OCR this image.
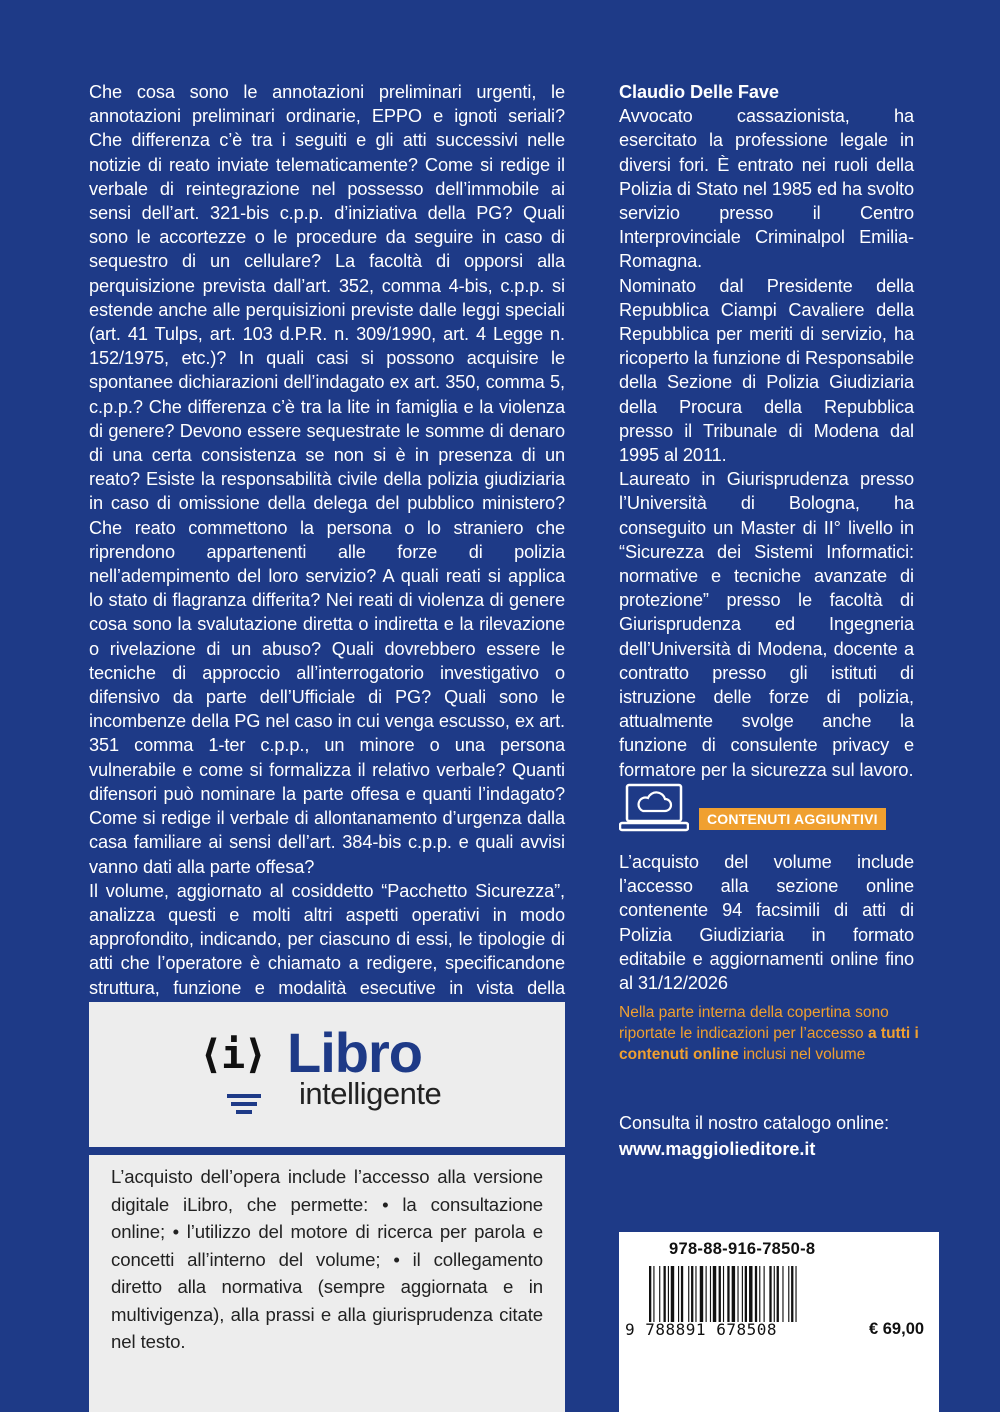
Che cosa sono le annotazioni preliminari urgenti, le annotazioni preliminari ordinarie, EPPO e ignoti seriali? Che differenza c’è tra i seguiti e gli atti successivi nelle notizie di reato inviate telematicamente? Come si redige il verbale di reintegrazione nel possesso dell’immobile ai sensi dell’art. 321-bis c.p.p. d’iniziativa della PG? Quali sono le accortezze o le procedure da seguire in caso di sequestro di un cellulare? La facoltà di opporsi alla perquisizione prevista dall’art. 352, comma 4-bis, c.p.p. si estende anche alle perquisizioni previste dalle leggi speciali (art. 41 Tulps, art. 103 d.P.R. n. 309/1990, art. 4 Legge n. 152/1975, etc.)? In quali casi si possono acquisire le spontanee dichiarazioni dell’indagato ex art. 350, comma 5, c.p.p.? Che differenza c’è tra la lite in famiglia e la violenza di genere? Devono essere sequestrate le somme di denaro di una certa consistenza se non si è in presenza di un reato? Esiste la responsabilità civile della polizia giudiziaria in caso di omissione della delega del pubblico ministero? Che reato commettono la persona o lo straniero che riprendono appartenenti alle forze di polizia nell’adempimento del loro servizio? A quali reati si applica lo stato di flagranza differita? Nei reati di violenza di genere cosa sono la svalutazione diretta o indiretta e la rilevazione o rivelazione di un abuso? Quali dovrebbero essere le tecniche di approccio all’interrogatorio investigativo o difensivo da parte dell’Ufficiale di PG? Quali sono le incombenze della PG nel caso in cui venga escusso, ex art. 351 comma 1-ter c.p.p., un minore o una persona vulnerabile e come si formalizza il relativo verbale? Quanti difensori può nominare la parte offesa e quanti l’indagato? Come si redige il verbale di allontanamento d’urgenza dalla casa familiare ai sensi dell’art. 384-bis c.p.p. e quali avvisi vanno dati alla parte offesa?

Il volume, aggiornato al cosiddetto “Pacchetto Sicurezza”, analizza questi e molti altri aspetti operativi in modo approfondito, indicando, per ciascuno di essi, le tipologie di atti che l’operatore è chiamato a redigere, specificandone struttura, funzione e modalità esecutive in vista della

Claudio Delle Fave

Avvocato cassazionista, ha esercitato la professione legale in diversi fori. È entrato nei ruoli della Polizia di Stato nel 1985 ed ha svolto servizio presso il Centro Interprovinciale Criminalpol Emilia-Romagna.

Nominato dal Presidente della Repubblica Ciampi Cavaliere della Repubblica per meriti di servizio, ha ricoperto la funzione di Responsabile della Sezione di Polizia Giudiziaria della Procura della Repubblica presso il Tribunale di Modena dal 1995 al 2011.

Laureato in Giurisprudenza presso l’Università di Bologna, ha conseguito un Master di II° livello in “Sicurezza dei Sistemi Informatici: normative e tecniche avanzate di protezione” presso le facoltà di Giurisprudenza ed Ingegneria dell’Università di Modena, docente a contratto presso gli istituti di istruzione delle forze di polizia, attualmente svolge anche la funzione di consulente privacy e formatore per la sicurezza sul lavoro.

CONTENUTI AGGIUNTIVI

L’acquisto del volume include l’accesso alla sezione online contenente 94 facsimili di atti di Polizia Giudiziaria in formato editabile e aggiornamenti online fino al 31/12/2026

Nella parte interna della copertina sono riportate le indicazioni per l’accesso a tutti i contenuti online inclusi nel volume

Consulta il nostro catalogo online:

www.maggiolieditore.it

⟨i⟩ Libro
intelligente

L’acquisto dell’opera include l’accesso alla versione digitale iLibro, che permette: • la consultazione online; • l’utilizzo del motore di ricerca per parola e concetti all’interno del volume; • il collegamento diretto alla normativa (sempre aggiornata e in multivigenza), alla prassi e alla giurisprudenza citate nel testo.

978-88-916-7850-8
9 788891 678508	€ 69,00
